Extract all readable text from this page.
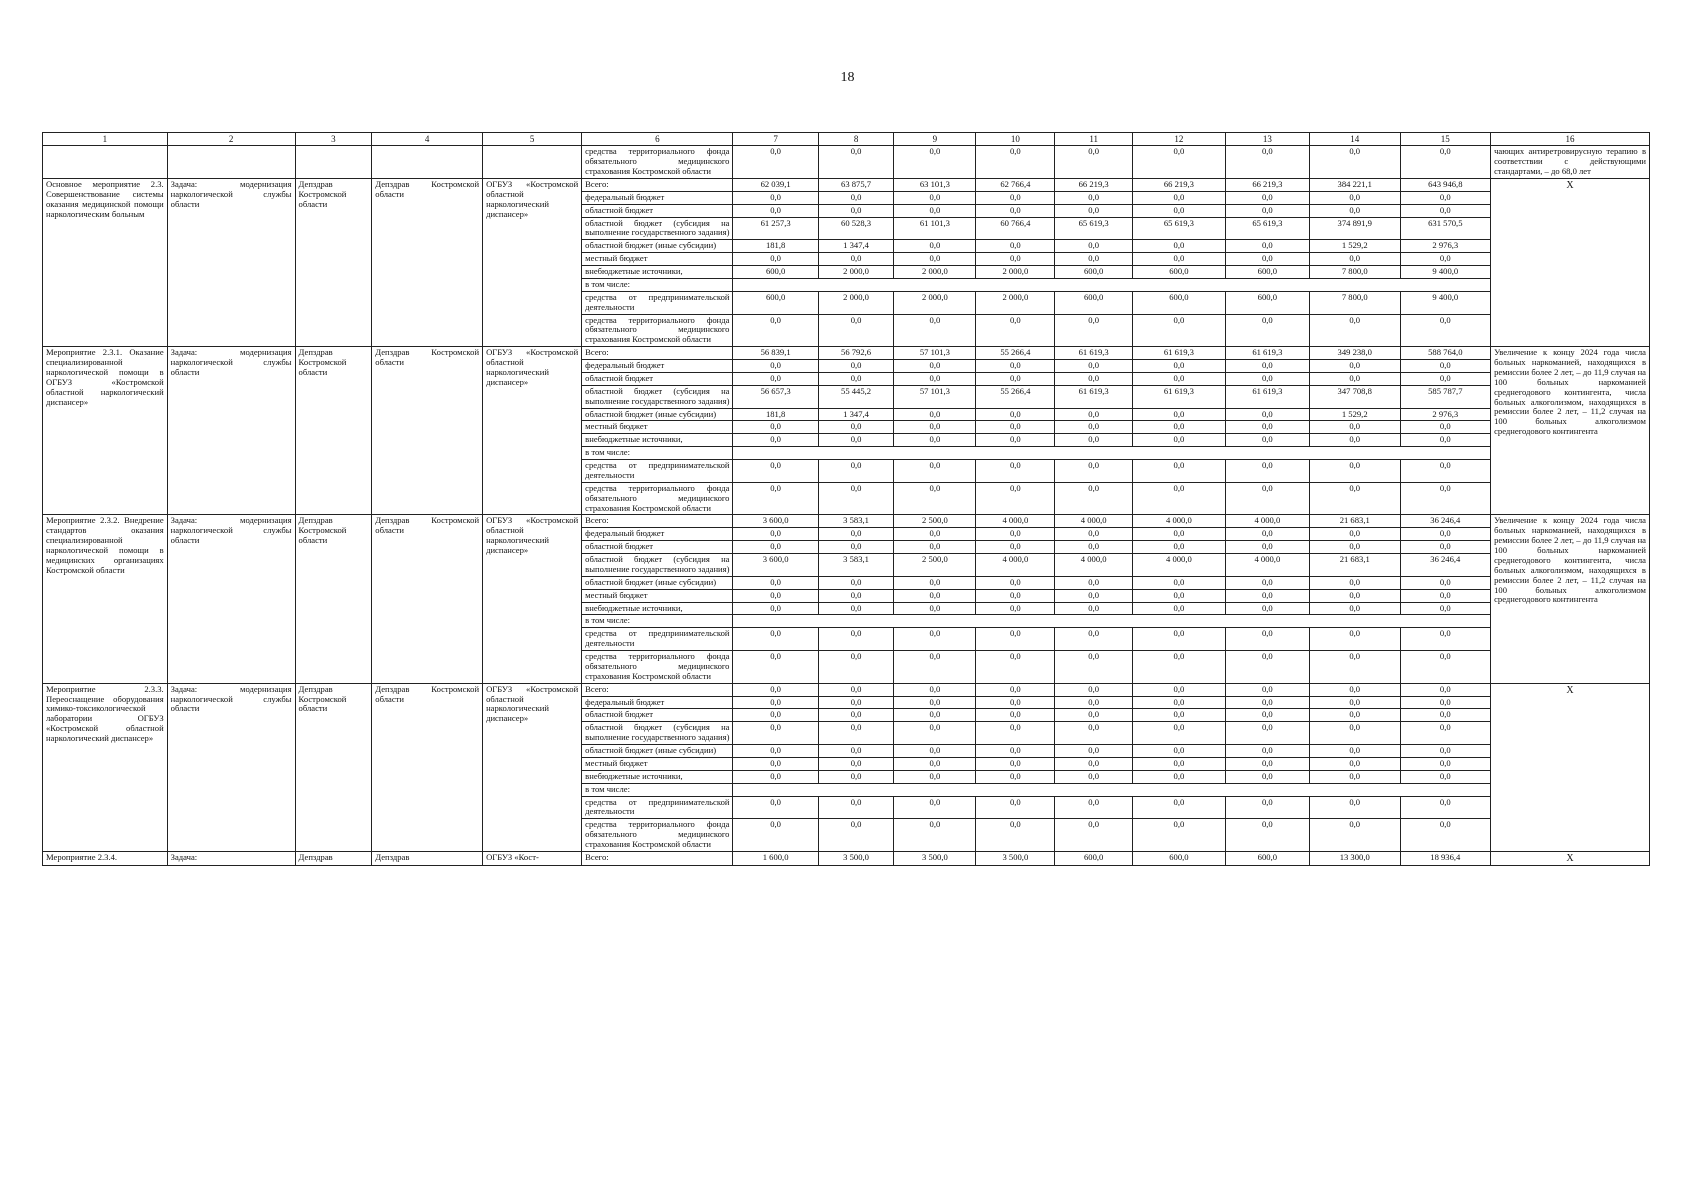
18
1	2	3	4	5	6	7	8	9	10	11	12	13	14	15	16
					средства территориального фонда обязательного медицинского страхования Костромской области	0,0	0,0	0,0	0,0	0,0	0,0	0,0	0,0	0,0	чающих антиретровирусную терапию в соответствии с действующими стандартами, – до 68,0 лет
Основное мероприятие 2.3. Совершенствование системы оказания медицинской помощи наркологическим больным	Задача: модернизация наркологической службы области	Депздрав Костромской области	Депздрав Костромской области	ОГБУЗ «Костромской областной наркологический диспансер»	Всего:	62 039,1	63 875,7	63 101,3	62 766,4	66 219,3	66 219,3	66 219,3	384 221,1	643 946,8	X
					федеральный бюджет	0,0	0,0	0,0	0,0	0,0	0,0	0,0	0,0	0,0	
					областной бюджет	0,0	0,0	0,0	0,0	0,0	0,0	0,0	0,0	0,0	
					областной бюджет (субсидия на выполнение государственного задания)	61 257,3	60 528,3	61 101,3	60 766,4	65 619,3	65 619,3	65 619,3	374 891,9	631 570,5	
					областной бюджет (иные субсидии)	181,8	1 347,4	0,0	0,0	0,0	0,0	0,0	1 529,2	2 976,3	
					местный бюджет	0,0	0,0	0,0	0,0	0,0	0,0	0,0	0,0	0,0	
					внебюджетные источники,	600,0	2 000,0	2 000,0	2 000,0	600,0	600,0	600,0	7 800,0	9 400,0	
					в том числе:										
					средства от предпринимательской деятельности	600,0	2 000,0	2 000,0	2 000,0	600,0	600,0	600,0	7 800,0	9 400,0	
					средства территориального фонда обязательного медицинского страхования Костромской области	0,0	0,0	0,0	0,0	0,0	0,0	0,0	0,0	0,0	
Мероприятие 2.3.1. Оказание специализированной наркологической помощи в ОГБУЗ «Костромской областной наркологический диспансер»	Задача: модернизация наркологической службы области	Депздрав Костромской области	Депздрав Костромской области	ОГБУЗ «Костромской областной наркологический диспансер»	Всего:	56 839,1	56 792,6	57 101,3	55 266,4	61 619,3	61 619,3	61 619,3	349 238,0	588 764,0	Увеличение к концу 2024 года числа больных наркоманией, находящихся в ремиссии более 2 лет, – до 11,9 случая на 100 больных наркоманией среднегодового контингента, числа больных алкоголизмом, находящихся в ремиссии более 2 лет, – 11,2 случая на 100 больных алкоголизмом среднегодового контингента
					федеральный бюджет	0,0	0,0	0,0	0,0	0,0	0,0	0,0	0,0	0,0	
					областной бюджет	0,0	0,0	0,0	0,0	0,0	0,0	0,0	0,0	0,0	
					областной бюджет (субсидия на выполнение государственного задания)	56 657,3	55 445,2	57 101,3	55 266,4	61 619,3	61 619,3	61 619,3	347 708,8	585 787,7	
					областной бюджет (иные субсидии)	181,8	1 347,4	0,0	0,0	0,0	0,0	0,0	1 529,2	2 976,3	
					местный бюджет	0,0	0,0	0,0	0,0	0,0	0,0	0,0	0,0	0,0	
					внебюджетные источники,	0,0	0,0	0,0	0,0	0,0	0,0	0,0	0,0	0,0	
					в том числе:										
					средства от предпринимательской деятельности	0,0	0,0	0,0	0,0	0,0	0,0	0,0	0,0	0,0	
					средства территориального фонда обязательного медицинского страхования Костромской области	0,0	0,0	0,0	0,0	0,0	0,0	0,0	0,0	0,0	
Мероприятие 2.3.2. Внедрение стандартов оказания специализированной наркологической помощи в медицинских организациях Костромской области	Задача: модернизация наркологической службы области	Депздрав Костромской области	Депздрав Костромской области	ОГБУЗ «Костромской областной наркологический диспансер»	Всего:	3 600,0	3 583,1	2 500,0	4 000,0	4 000,0	4 000,0	4 000,0	21 683,1	36 246,4	Увеличение к концу 2024 года числа больных наркоманией, находящихся в ремиссии более 2 лет, – до 11,9 случая на 100 больных наркоманией среднегодового контингента, числа больных алкоголизмом, находящихся в ремиссии более 2 лет, – 11,2 случая на 100 больных алкоголизмом среднегодового контингента
					федеральный бюджет	0,0	0,0	0,0	0,0	0,0	0,0	0,0	0,0	0,0	
					областной бюджет	0,0	0,0	0,0	0,0	0,0	0,0	0,0	0,0	0,0	
					областной бюджет (субсидия на выполнение государственного задания)	3 600,0	3 583,1	2 500,0	4 000,0	4 000,0	4 000,0	4 000,0	21 683,1	36 246,4	
					областной бюджет (иные субсидии)	0,0	0,0	0,0	0,0	0,0	0,0	0,0	0,0	0,0	
					местный бюджет	0,0	0,0	0,0	0,0	0,0	0,0	0,0	0,0	0,0	
					внебюджетные источники,	0,0	0,0	0,0	0,0	0,0	0,0	0,0	0,0	0,0	
					в том числе:										
					средства от предпринимательской деятельности	0,0	0,0	0,0	0,0	0,0	0,0	0,0	0,0	0,0	
					средства территориального фонда обязательного медицинского страхования Костромской области	0,0	0,0	0,0	0,0	0,0	0,0	0,0	0,0	0,0	
Мероприятие 2.3.3. Переоснащение оборудования химико-токсикологической лаборатории ОГБУЗ «Костромской областной наркологический диспансер»	Задача: модернизация наркологической службы области	Депздрав Костромской области	Депздрав Костромской области	ОГБУЗ «Костромской областной наркологический диспансер»	Всего:	0,0	0,0	0,0	0,0	0,0	0,0	0,0	0,0	0,0	X
					федеральный бюджет	0,0	0,0	0,0	0,0	0,0	0,0	0,0	0,0	0,0	
					областной бюджет	0,0	0,0	0,0	0,0	0,0	0,0	0,0	0,0	0,0	
					областной бюджет (субсидия на выполнение государственного задания)	0,0	0,0	0,0	0,0	0,0	0,0	0,0	0,0	0,0	
					областной бюджет (иные субсидии)	0,0	0,0	0,0	0,0	0,0	0,0	0,0	0,0	0,0	
					местный бюджет	0,0	0,0	0,0	0,0	0,0	0,0	0,0	0,0	0,0	
					внебюджетные источники,	0,0	0,0	0,0	0,0	0,0	0,0	0,0	0,0	0,0	
					в том числе:										
					средства от предпринимательской деятельности	0,0	0,0	0,0	0,0	0,0	0,0	0,0	0,0	0,0	
					средства территориального фонда обязательного медицинского страхования Костромской области	0,0	0,0	0,0	0,0	0,0	0,0	0,0	0,0	0,0	
Мероприятие 2.3.4.	Задача:	Депздрав	Депздрав	ОГБУЗ «Кост-	Всего:	1 600,0	3 500,0	3 500,0	3 500,0	600,0	600,0	600,0	13 300,0	18 936,4	X
